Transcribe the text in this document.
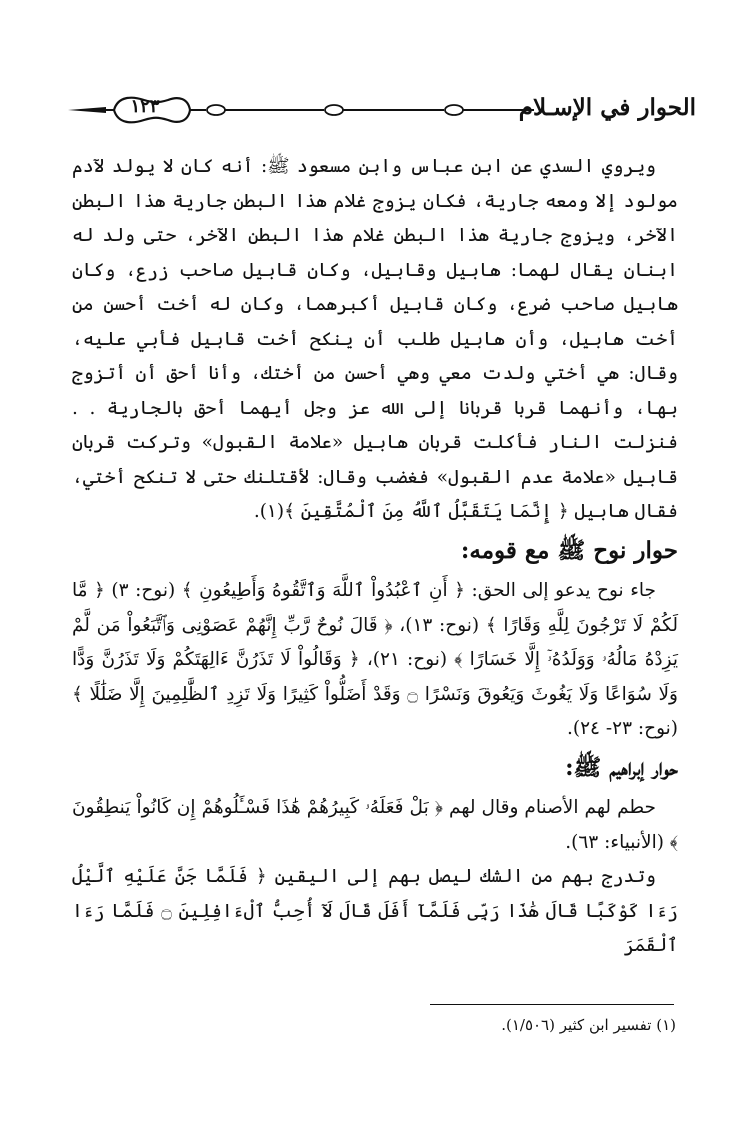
الحوار في الإسـلام
١٢٣

ويروي السدي عن ابن عباس وابن مسعود ﷺ: أنه كان لا يولد لآدم مولود إلا ومعه جارية، فكان يزوج غلام هذا البطن جارية هذا البطن الآخر، ويزوج جارية هذا البطن غلام هذا البطن الآخر، حتى ولد له ابنان يقال لهما: هابيل وقابيل، وكان قابيل صاحب زرع، وكان هابيل صاحب ضرع، وكان قابيل أكبرهما، وكان له أخت أحسن من أخت هابيل، وأن هابيل طلب أن ينكح أخت قابيل فأبي عليه، وقال: هي أختي ولدت معي وهي أحسن من أختك، وأنا أحق أن أتزوج بها، وأنهما قربا قربانا إلى الله عز وجل أيهما أحق بالجارية . . فنزلت النار فأكلت قربان هابيل «علامة القبول» وتركت قربان قابيل «علامة عدم القبول» فغضب وقال: لأقتلنك حتى لا تنكح أختي، فقال هابيل ﴿ إِنَّمَا يَتَقَبَّلُ ٱللَّهُ مِنَ ٱلْمُتَّقِينَ ﴾(١).

حوار نوح ﷺ مع قومه:

جاء نوح يدعو إلى الحق: ﴿ أَنِ ٱعْبُدُواْ ٱللَّهَ وَٱتَّقُوهُ وَأَطِيعُونِ ﴾ (نوح: ٣) ﴿ مَّا لَكُمْ لَا تَرْجُونَ لِلَّهِ وَقَارًا ﴾ (نوح: ١٣)، ﴿ قَالَ نُوحٌ رَّبِّ إِنَّهُمْ عَصَوْنِى وَٱتَّبَعُواْ مَن لَّمْ يَزِدْهُ مَالُهُۥ وَوَلَدُهُۥٓ إِلَّا خَسَارًا ﴾ (نوح: ٢١)، ﴿ وَقَالُواْ لَا تَذَرُنَّ ءَالِهَتَكُمْ وَلَا تَذَرُنَّ وَدًّا وَلَا سُوَاعًا وَلَا يَغُوثَ وَيَعُوقَ وَنَسْرًا ۝ وَقَدْ أَضَلُّواْ كَثِيرًا وَلَا تَزِدِ ٱلظَّٰلِمِينَ إِلَّا ضَلَٰلًا ﴾ (نوح: ٢٣- ٢٤).

حوار إبراهيم ﷺ:

حطم لهم الأصنام وقال لهم ﴿ بَلْ فَعَلَهُۥ كَبِيرُهُمْ هَٰذَا فَسْـَٔلُوهُمْ إِن كَانُواْ يَنطِقُونَ ﴾ (الأنبياء: ٦٣).

وتدرج بهم من الشك ليصل بهم إلى اليقين ﴿ فَلَمَّا جَنَّ عَلَيْهِ ٱلَّيْلُ رَءَا كَوْكَبًا قَالَ هَٰذَا رَبِّى فَلَمَّآ أَفَلَ قَالَ لَآ أُحِبُّ ٱلْءَافِلِينَ ۝ فَلَمَّا رَءَا ٱلْقَمَرَ

(١) تفسير ابن كثير (١/٥٠٦).
